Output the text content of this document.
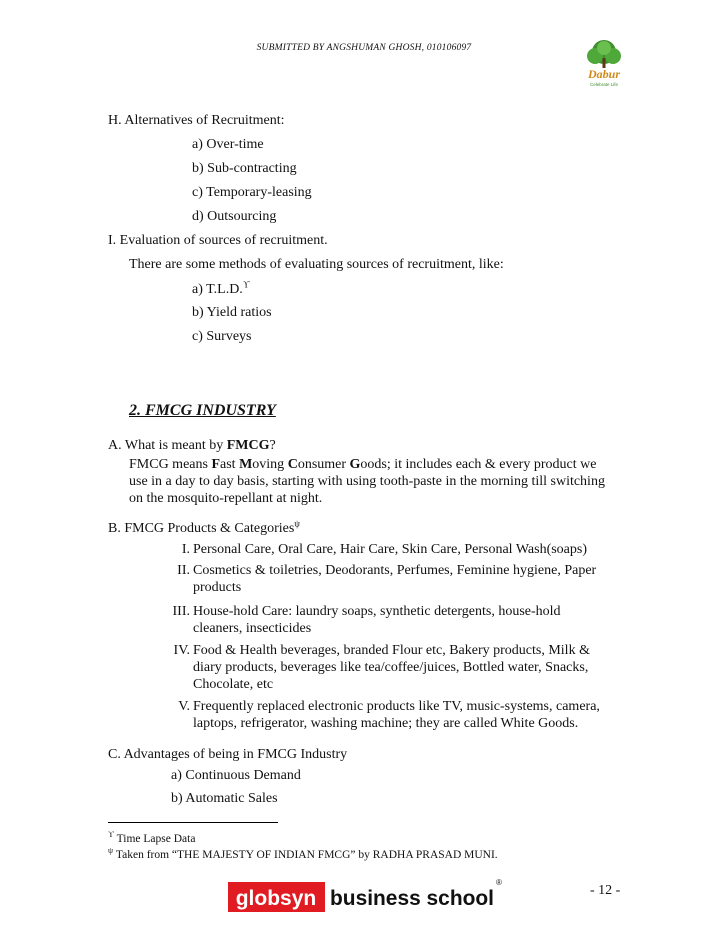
SUBMITTED BY ANGSHUMAN GHOSH, 010106097
Dabur
Celebrate Life
H. Alternatives of Recruitment:
a) Over-time
b) Sub-contracting
c) Temporary-leasing
d) Outsourcing
I. Evaluation of sources of recruitment.
There are some methods of evaluating sources of recruitment, like:
a) T.L.D.$^ϒ$
b) Yield ratios
c) Surveys
2. FMCG INDUSTRY
A. What is meant by FMCG?
FMCG means Fast Moving Consumer Goods; it includes each & every product we
use in a day to day basis, starting with using tooth-paste in the morning till switching
on the mosquito-repellant at night.
B. FMCG Products & Categories$^\psi$
I. Personal Care, Oral Care, Hair Care, Skin Care, Personal Wash(soaps)
II. Cosmetics & toiletries, Deodorants, Perfumes, Feminine hygiene, Paper
products
III. House-hold Care: laundry soaps, synthetic detergents, house-hold
cleaners, insecticides
IV. Food & Health beverages, branded Flour etc, Bakery products, Milk &
diary products, beverages like tea/coffee/juices, Bottled water, Snacks,
Chocolate, etc
V. Frequently replaced electronic products like TV, music-systems, camera,
laptops, refrigerator, washing machine; they are called White Goods.
C. Advantages of being in FMCG Industry
a) Continuous Demand
b) Automatic Sales
$^ϒ$ Time Lapse Data
$^\psi$ Taken from “THE MAJESTY OF INDIAN FMCG” by RADHA PRASAD MUNI.
globsyn business school
®
- 12 -
